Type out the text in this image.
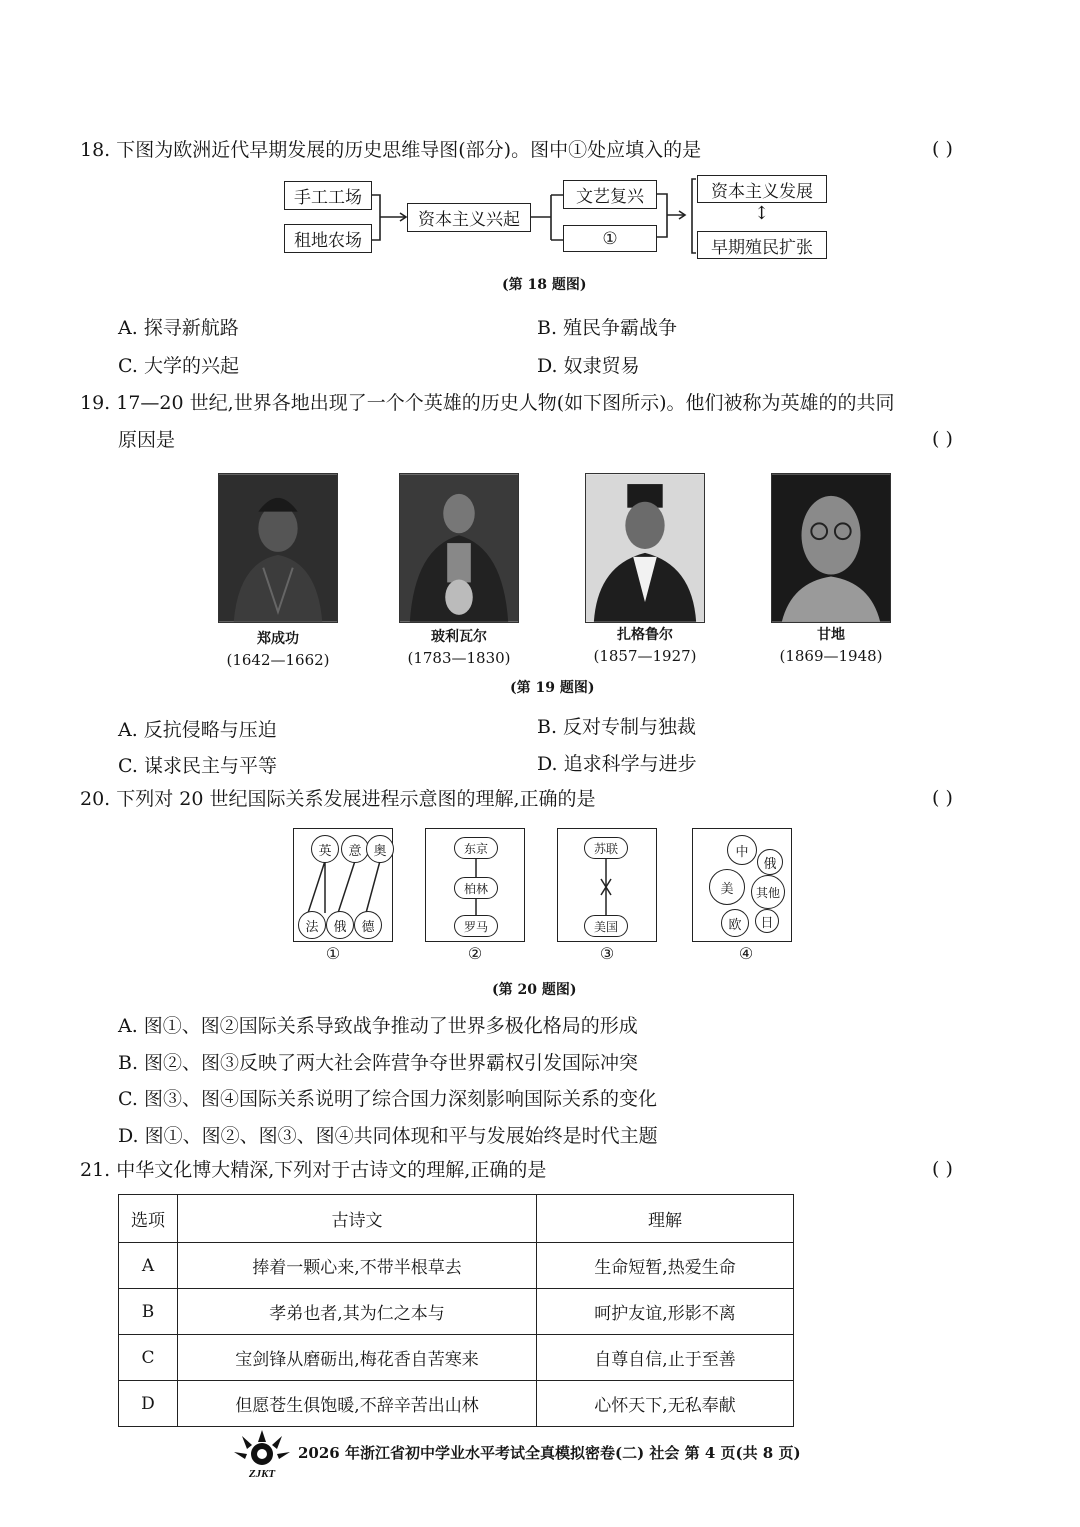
18. 下图为欧洲近代早期发展的历史思维导图(部分)。图中①处应填入的是	( )
手工工场
租地农场
资本主义兴起
文艺复兴
①
资本主义发展
↕
早期殖民扩张
(第 18 题图)
A. 探寻新航路	B. 殖民争霸战争
C. 大学的兴起	D. 奴隶贸易
19. 17—20 世纪,世界各地出现了一个个英雄的历史人物(如下图所示)。他们被称为英雄的的共同
原因是	( )
郑成功
(1642—1662)
玻利瓦尔
(1783—1830)
扎格鲁尔
(1857—1927)
甘地
(1869—1948)
(第 19 题图)
A. 反抗侵略与压迫	B. 反对专制与独裁
C. 谋求民主与平等	D. 追求科学与进步
20. 下列对 20 世纪国际关系发展进程示意图的理解,正确的是	( )
英	意 奥
法	俄	德
①
东京
柏林
罗马
②
苏联
美国
③
中
俄
美	其他
欧	日
④
(第 20 题图)
A. 图①、图②国际关系导致战争推动了世界多极化格局的形成
B. 图②、图③反映了两大社会阵营争夺世界霸权引发国际冲突
C. 图③、图④国际关系说明了综合国力深刻影响国际关系的变化
D. 图①、图②、图③、图④共同体现和平与发展始终是时代主题
21. 中华文化博大精深,下列对于古诗文的理解,正确的是	( )
选项	古诗文	理解
A	捧着一颗心来,不带半根草去	生命短暂,热爱生命
B	孝弟也者,其为仁之本与	呵护友谊,形影不离
C	宝剑锋从磨砺出,梅花香自苦寒来	自尊自信,止于至善
D	但愿苍生俱饱暖,不辞辛苦出山林	心怀天下,无私奉献
ZJKT
2026 年浙江省初中学业水平考试全真模拟密卷(二) 社会 第 4 页(共 8 页)
